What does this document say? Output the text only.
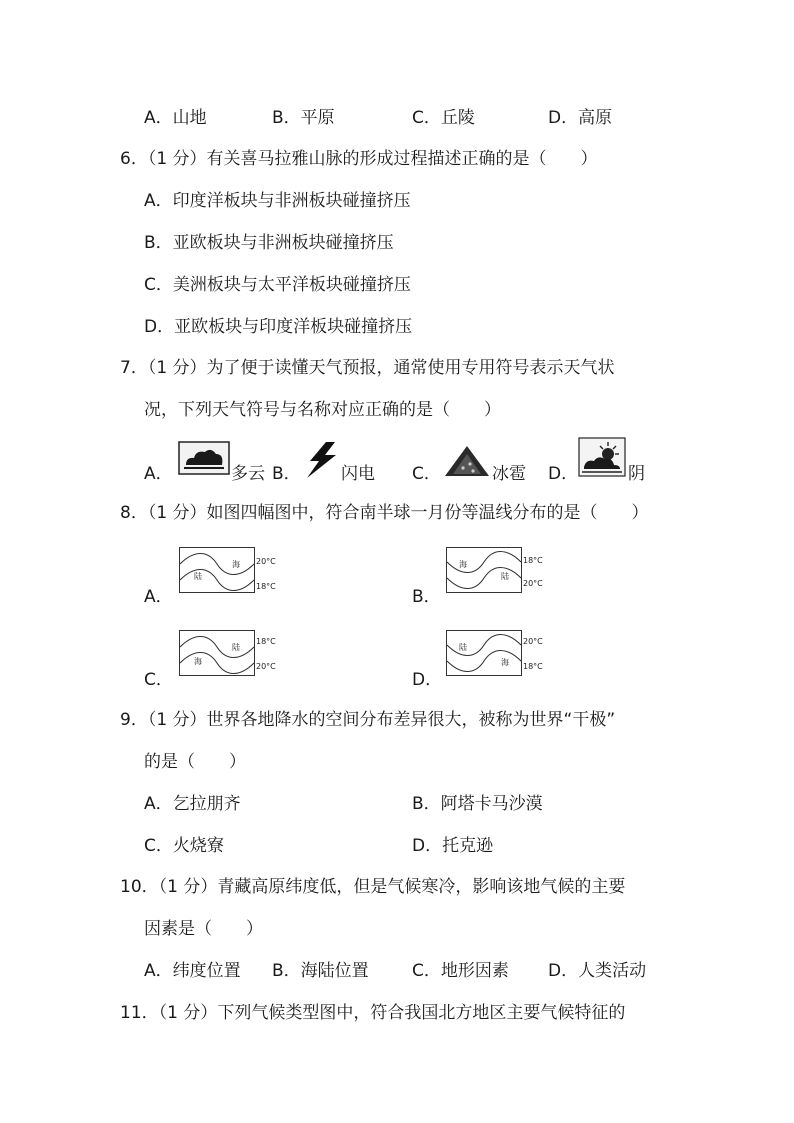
A．山地	B．平原	C．丘陵	D．高原
6．（1 分）有关喜马拉雅山脉的形成过程描述正确的是（　　）
A．印度洋板块与非洲板块碰撞挤压
B．亚欧板块与非洲板块碰撞挤压
C．美洲板块与太平洋板块碰撞挤压
D．亚欧板块与印度洋板块碰撞挤压
7．（1 分）为了便于读懂天气预报，通常使用专用符号表示天气状
况，下列天气符号与名称对应正确的是（　　）
A．	多云 B． 闪电 C．	冰雹 D．	阴
8．（1 分）如图四幅图中，符合南半球一月份等温线分布的是（　　）
A．
海
陆
20°C
18°C
B．
海
陆
18°C
20°C
C．
陆
海
18°C
20°C
D．
陆
海
20°C
18°C
9．（1 分）世界各地降水的空间分布差异很大，被称为世界“干极”
的是（　　）
A．乞拉朋齐	B．阿塔卡马沙漠
C．火烧寮	D．托克逊
10．（1 分）青藏高原纬度低，但是气候寒冷，影响该地气候的主要
因素是（　　）
A．纬度位置 B．海陆位置	C．地形因素 D．人类活动
11．（1 分）下列气候类型图中，符合我国北方地区主要气候特征的
